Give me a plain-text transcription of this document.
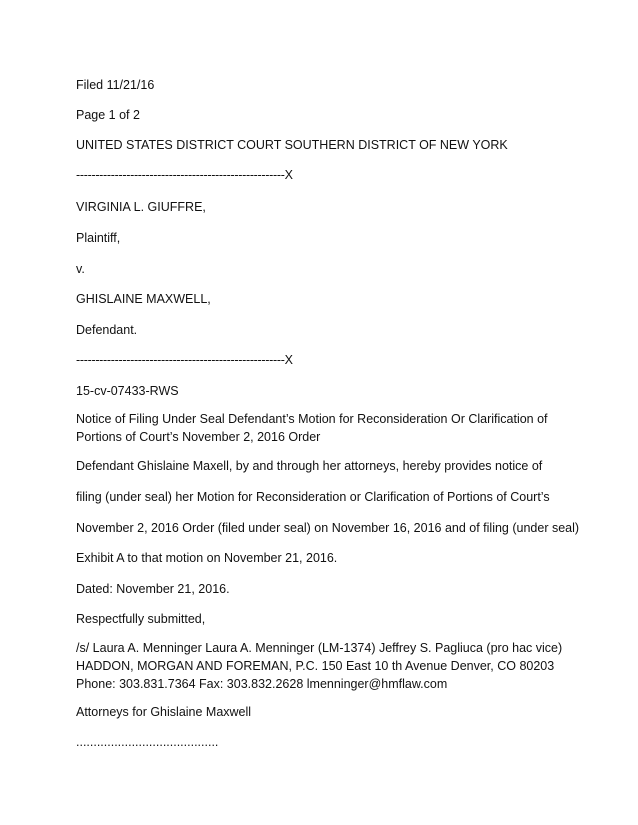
Filed 11/21/16
Page 1 of 2
UNITED STATES DISTRICT COURT SOUTHERN DISTRICT OF NEW YORK
------------------------------------------------------X
VIRGINIA L. GIUFFRE,
Plaintiff,
v.
GHISLAINE MAXWELL,
Defendant.
------------------------------------------------------X
15-cv-07433-RWS
Notice of Filing Under Seal Defendant’s Motion for Reconsideration Or Clarification of Portions of Court’s November 2, 2016 Order
Defendant Ghislaine Maxell, by and through her attorneys, hereby provides notice of
filing (under seal) her Motion for Reconsideration or Clarification of Portions of Court’s
November 2, 2016 Order (filed under seal) on November 16, 2016 and of filing (under seal)
Exhibit A to that motion on November 21, 2016.
Dated: November 21, 2016.
Respectfully submitted,
/s/ Laura A. Menninger Laura A. Menninger (LM-1374) Jeffrey S. Pagliuca (pro hac vice) HADDON, MORGAN AND FOREMAN, P.C. 150 East 10 th Avenue Denver, CO 80203 Phone: 303.831.7364 Fax: 303.832.2628 lmenninger@hmflaw.com
Attorneys for Ghislaine Maxwell
.........................................
